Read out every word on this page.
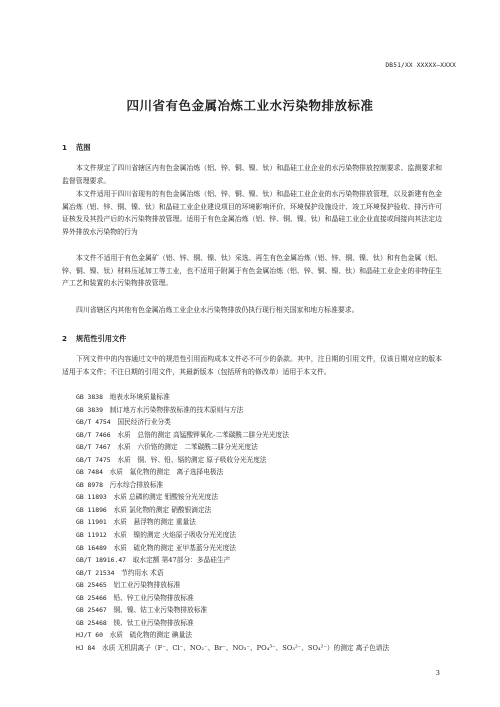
DB51/XX XXXXX—XXXX
四川省有色金属冶炼工业水污染物排放标准
1 范围
本文件规定了四川省辖区内有色金属冶炼（铝、锌、铜、镍、钛）和晶硅工业企业的水污染物排放控制要求、监测要求和监督管理要求。
本文件适用于四川省现有的有色金属冶炼（铝、锌、铜、镍、钛）和晶硅工业企业的水污染物排放管理，以及新建有色金属冶炼（铝、锌、铜、镍、钛）和晶硅工业企业建设项目的环境影响评价、环境保护设施设计、竣工环境保护验收、排污许可证核发及其投产后的水污染物排放管理。适用于有色金属冶炼（铝、锌、铜、镍、钛）和晶硅工业企业直接或间接向其法定边界外排放水污染物的行为
本文件不适用于有色金属矿（铝、锌、铜、镍、钛）采选、再生有色金属冶炼（铝、锌、铜、镍、钛）和有色金属（铝、锌、铜、镍、钛）材料压延加工等工业，也不适用于附属于有色金属冶炼（铝、锌、铜、镍、钛）和晶硅工业企业的非特征生产工艺和装置的水污染物排放管理。
四川省辖区内其他有色金属冶炼工业企业水污染物排放仍执行现行相关国家和地方标准要求。
2 规范性引用文件
下列文件中的内容通过文中的规范性引用而构成本文件必不可少的条款。其中，注日期的引用文件，仅该日期对应的版本适用于本文件；不注日期的引用文件，其最新版本（包括所有的修改单）适用于本文件。
GB 3838　 地表水环境质量标准
GB 3839　 制订地方水污染物排放标准的技术原则与方法
GB/T 4754　 国民经济行业分类
GB/T 7466　 水质　总铬的测定 高锰酸钾氧化-二苯碳酰二肼分光光度法
GB/T 7467　 水质　六价铬的测定　二苯碳酰二肼分光光度法
GB/T 7475　 水质　铜、锌、铅、镉的测定 原子吸收分光光度法
GB 7484　 水质　氟化物的测定　离子选择电极法
GB 8978　 污水综合排放标准
GB 11893　 水质 总磷的测定 钼酸铵分光光度法
GB 11896　 水质 氯化物的测定 硝酸银滴定法
GB 11901　 水质　悬浮物的测定 重量法
GB 11912　 水质　镍的测定 火焰原子吸收分光光度法
GB 16489　 水质　硫化物的测定 亚甲基蓝分光光度法
GB/T 18916.47　 取水定额 第47部分：多晶硅生产
GB/T 21534　 节约用水 术语
GB 25465　 铝工业污染物排放标准
GB 25466　 铅、锌工业污染物排放标准
GB 25467　 铜、镍、钴工业污染物排放标准
GB 25468　 镁、钛工业污染物排放标准
HJ/T 60　 水质　硫化物的测定 碘量法
HJ 84　 水质 无机阴离子（F⁻、Cl⁻、NO₂⁻、Br⁻、NO₃⁻、PO₄³⁻、SO₃²⁻、SO₄²⁻）的测定 离子色谱法
3
